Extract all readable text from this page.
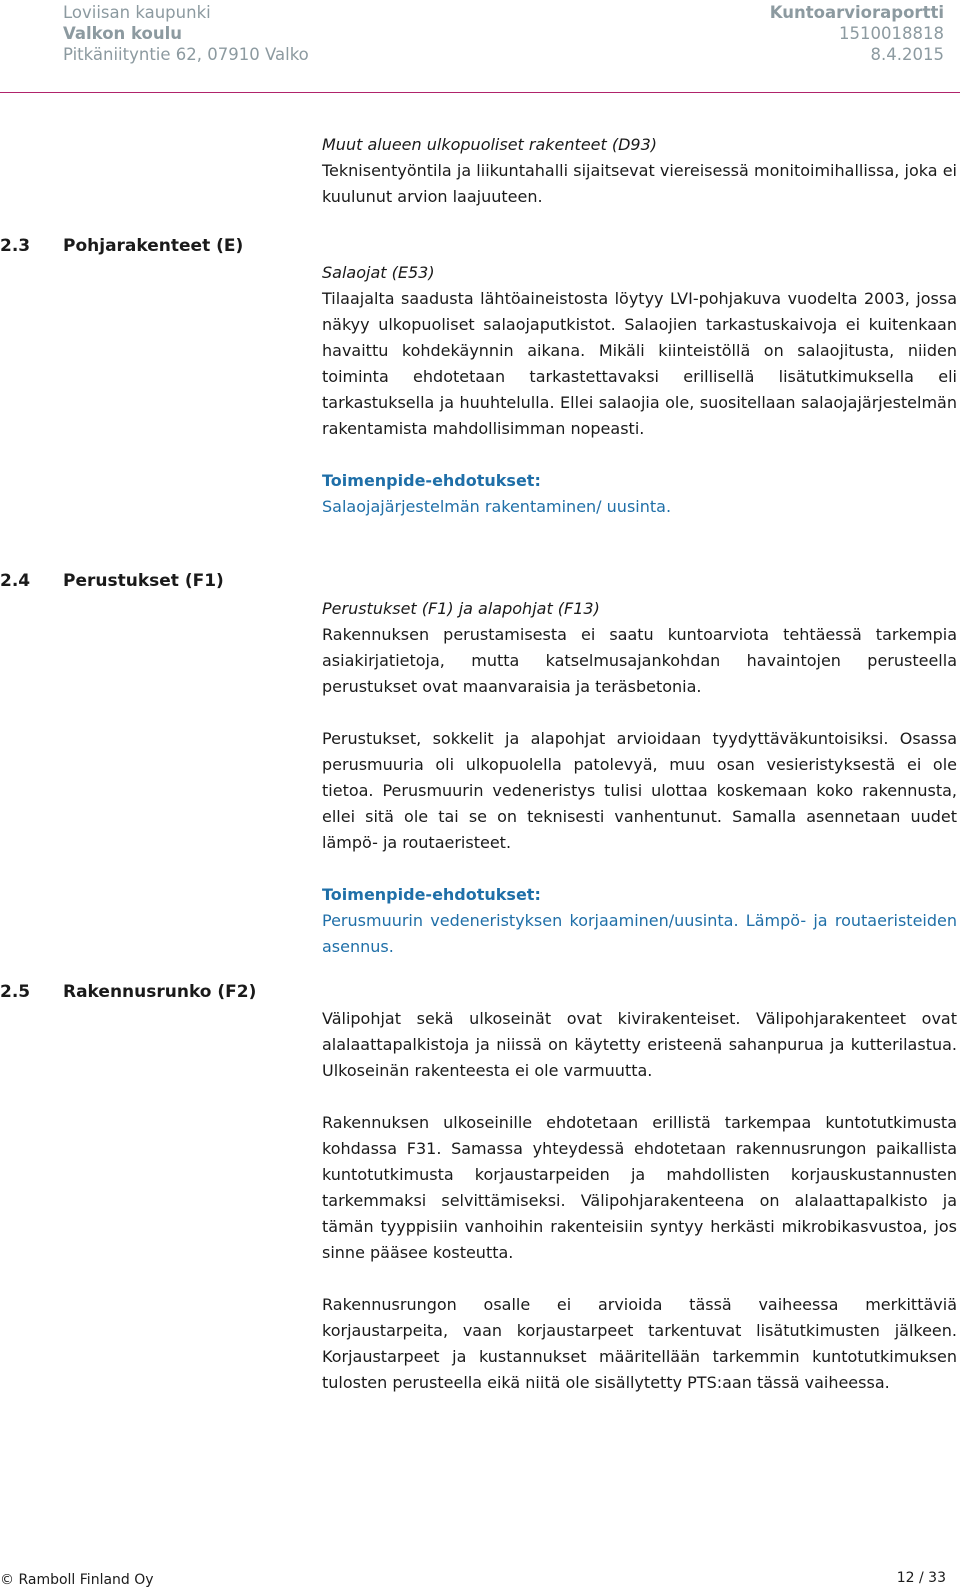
Loviisan kaupunki
Valkon koulu
Pitkäniityntie 62, 07910 Valko
Kuntoarvioraportti
1510018818
8.4.2015

Muut alueen ulkopuoliset rakenteet (D93)

Teknisentyöntila ja liikuntahalli sijaitsevat viereisessä monitoimihallissa, joka ei kuulunut arvion laajuuteen.

2.3 Pohjarakenteet (E)

Salaojat (E53)

Tilaajalta saadusta lähtöaineistosta löytyy LVI-pohjakuva vuodelta 2003, jossa näkyy ulkopuoliset salaojaputkistot. Salaojien tarkastuskaivoja ei kuitenkaan havaittu kohdekäynnin aikana. Mikäli kiinteistöllä on salaojitusta, niiden toiminta ehdotetaan tarkastettavaksi erillisellä lisätutkimuksella eli tarkastuksella ja huuhtelulla. Ellei salaojia ole, suositellaan salaojajärjestelmän rakentamista mahdollisimman nopeasti.

Toimenpide-ehdotukset:

Salaojajärjestelmän rakentaminen/ uusinta.

2.4 Perustukset (F1)

Perustukset (F1) ja alapohjat (F13)

Rakennuksen perustamisesta ei saatu kuntoarviota tehtäessä tarkempia asiakirjatietoja, mutta katselmusajankohdan havaintojen perusteella perustukset ovat maanvaraisia ja teräsbetonia.

Perustukset, sokkelit ja alapohjat arvioidaan tyydyttäväkuntoisiksi. Osassa perusmuuria oli ulkopuolella patolevyä, muu osan vesieristyksestä ei ole tietoa. Perusmuurin vedeneristys tulisi ulottaa koskemaan koko rakennusta, ellei sitä ole tai se on teknisesti vanhentunut. Samalla asennetaan uudet lämpö- ja routaeristeet.

Toimenpide-ehdotukset:

Perusmuurin vedeneristyksen korjaaminen/uusinta. Lämpö- ja routaeristeiden asennus.

2.5 Rakennusrunko (F2)

Välipohjat sekä ulkoseinät ovat kivirakenteiset. Välipohjarakenteet ovat alalaattapalkistoja ja niissä on käytetty eristeenä sahanpurua ja kutterilastua. Ulkoseinän rakenteesta ei ole varmuutta.

Rakennuksen ulkoseinille ehdotetaan erillistä tarkempaa kuntotutkimusta kohdassa F31. Samassa yhteydessä ehdotetaan rakennusrungon paikallista kuntotutkimusta korjaustarpeiden ja mahdollisten korjauskustannusten tarkemmaksi selvittämiseksi. Välipohjarakenteena on alalaattapalkisto ja tämän tyyppisiin vanhoihin rakenteisiin syntyy herkästi mikrobikasvustoa, jos sinne pääsee kosteutta.

Rakennusrungon osalle ei arvioida tässä vaiheessa merkittäviä korjaustarpeita, vaan korjaustarpeet tarkentuvat lisätutkimusten jälkeen. Korjaustarpeet ja kustannukset määritellään tarkemmin kuntotutkimuksen tulosten perusteella eikä niitä ole sisällytetty PTS:aan tässä vaiheessa.

© Ramboll Finland Oy	12 / 33
